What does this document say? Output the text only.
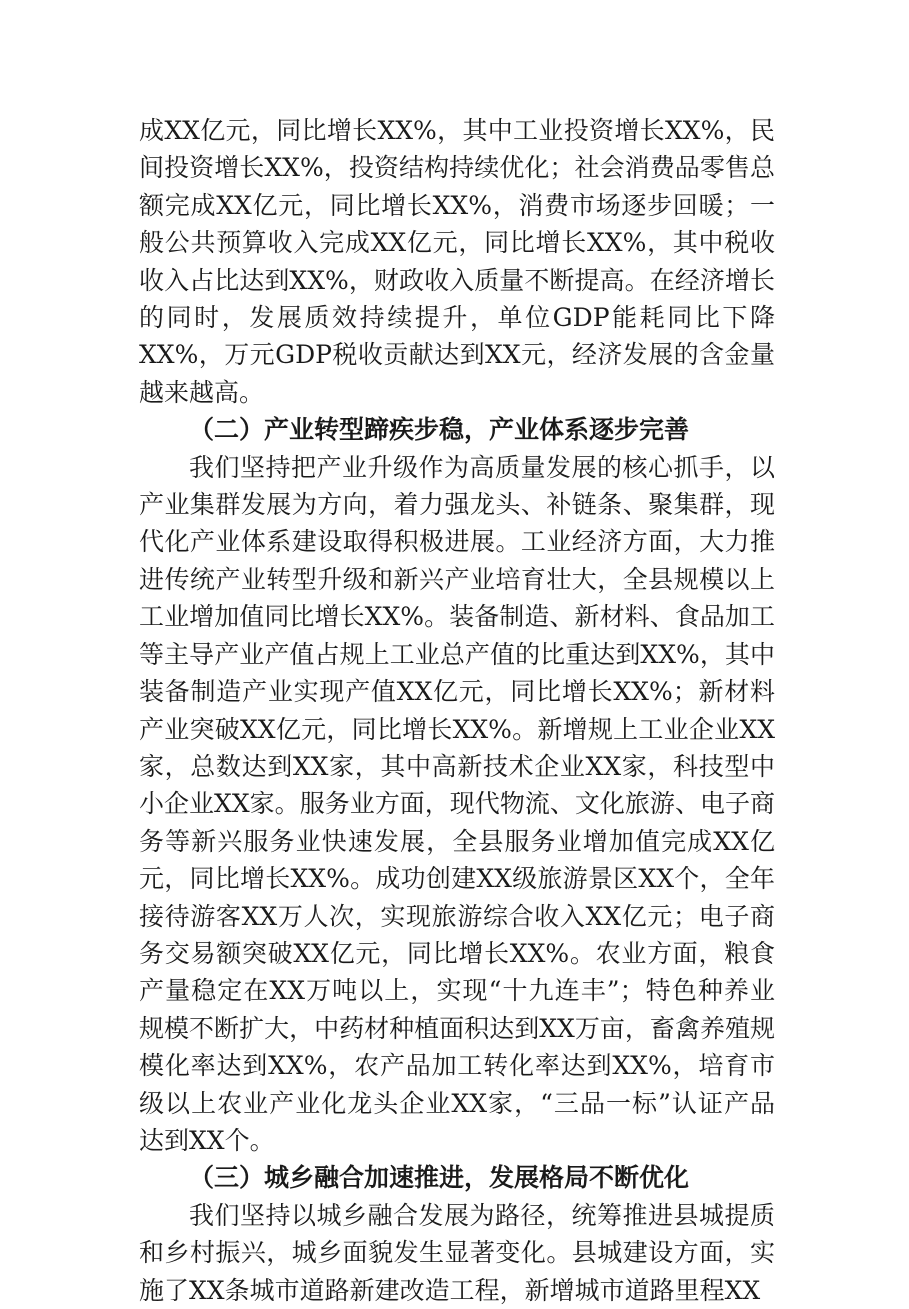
成XX亿元，同比增长XX%，其中工业投资增长XX%，民间投资增长XX%，投资结构持续优化；社会消费品零售总额完成XX亿元，同比增长XX%，消费市场逐步回暖；一般公共预算收入完成XX亿元，同比增长XX%，其中税收收入占比达到XX%，财政收入质量不断提高。在经济增长的同时，发展质效持续提升，单位GDP能耗同比下降XX%，万元GDP税收贡献达到XX元，经济发展的含金量越来越高。

（二）产业转型蹄疾步稳，产业体系逐步完善

我们坚持把产业升级作为高质量发展的核心抓手，以产业集群发展为方向，着力强龙头、补链条、聚集群，现代化产业体系建设取得积极进展。工业经济方面，大力推进传统产业转型升级和新兴产业培育壮大，全县规模以上工业增加值同比增长XX%。装备制造、新材料、食品加工等主导产业产值占规上工业总产值的比重达到XX%，其中装备制造产业实现产值XX亿元，同比增长XX%；新材料产业突破XX亿元，同比增长XX%。新增规上工业企业XX家，总数达到XX家，其中高新技术企业XX家，科技型中小企业XX家。服务业方面，现代物流、文化旅游、电子商务等新兴服务业快速发展，全县服务业增加值完成XX亿元，同比增长XX%。成功创建XX级旅游景区XX个，全年接待游客XX万人次，实现旅游综合收入XX亿元；电子商务交易额突破XX亿元，同比增长XX%。农业方面，粮食产量稳定在XX万吨以上，实现“十九连丰”；特色种养业规模不断扩大，中药材种植面积达到XX万亩，畜禽养殖规模化率达到XX%，农产品加工转化率达到XX%，培育市级以上农业产业化龙头企业XX家，“三品一标”认证产品达到XX个。

（三）城乡融合加速推进，发展格局不断优化

我们坚持以城乡融合发展为路径，统筹推进县城提质和乡村振兴，城乡面貌发生显著变化。县城建设方面，实施了XX条城市道路新建改造工程，新增城市道路里程XX
